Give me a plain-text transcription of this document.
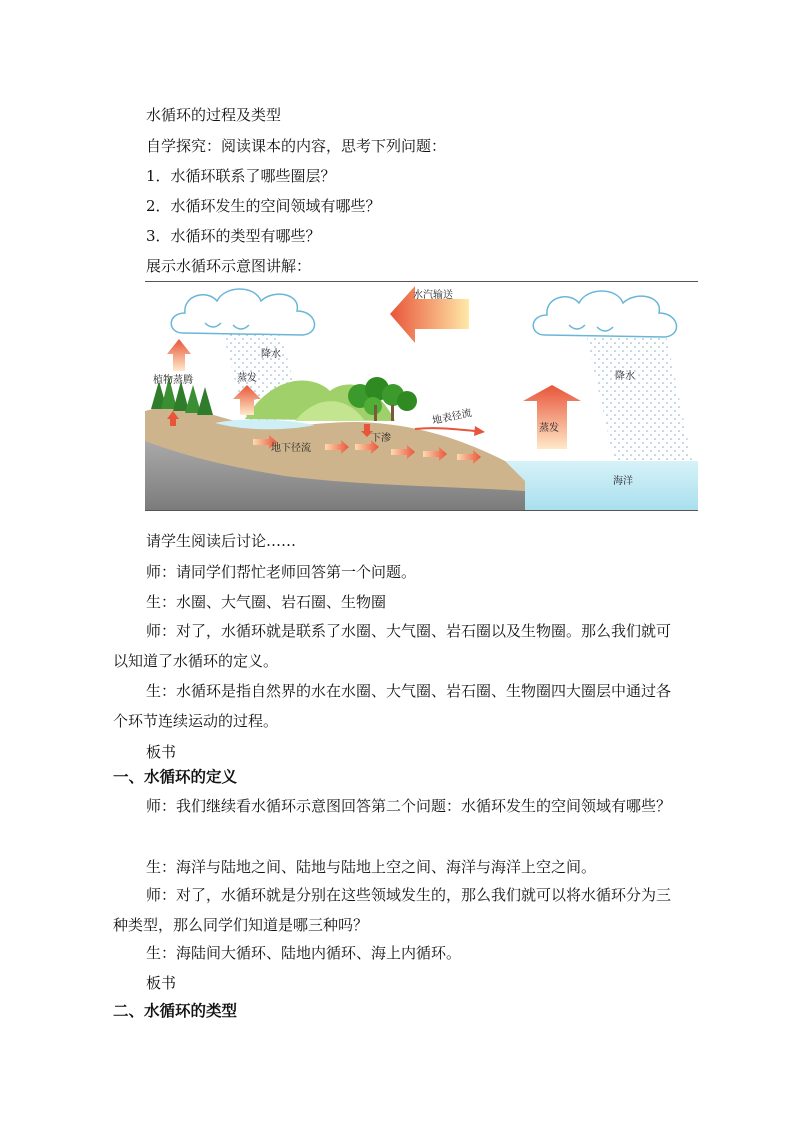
水循环的过程及类型
自学探究：阅读课本的内容，思考下列问题：
1．水循环联系了哪些圈层？
2．水循环发生的空间领域有哪些？
3．水循环的类型有哪些？
展示水循环示意图讲解：
水汽输送
降水
降水
植物蒸腾	蒸发
蒸发
下渗
地表径流
地下径流
海洋
请学生阅读后讨论……
师：请同学们帮忙老师回答第一个问题。
生：水圈、大气圈、岩石圈、生物圈
师：对了，水循环就是联系了水圈、大气圈、岩石圈以及生物圈。那么我们就可以知道了水循环的定义。
生：水循环是指自然界的水在水圈、大气圈、岩石圈、生物圈四大圈层中通过各个环节连续运动的过程。
板书
一、水循环的定义
师：我们继续看水循环示意图回答第二个问题：水循环发生的空间领域有哪些？
生：海洋与陆地之间、陆地与陆地上空之间、海洋与海洋上空之间。
师：对了，水循环就是分别在这些领域发生的，那么我们就可以将水循环分为三种类型，那么同学们知道是哪三种吗？
生：海陆间大循环、陆地内循环、海上内循环。
板书
二、水循环的类型
